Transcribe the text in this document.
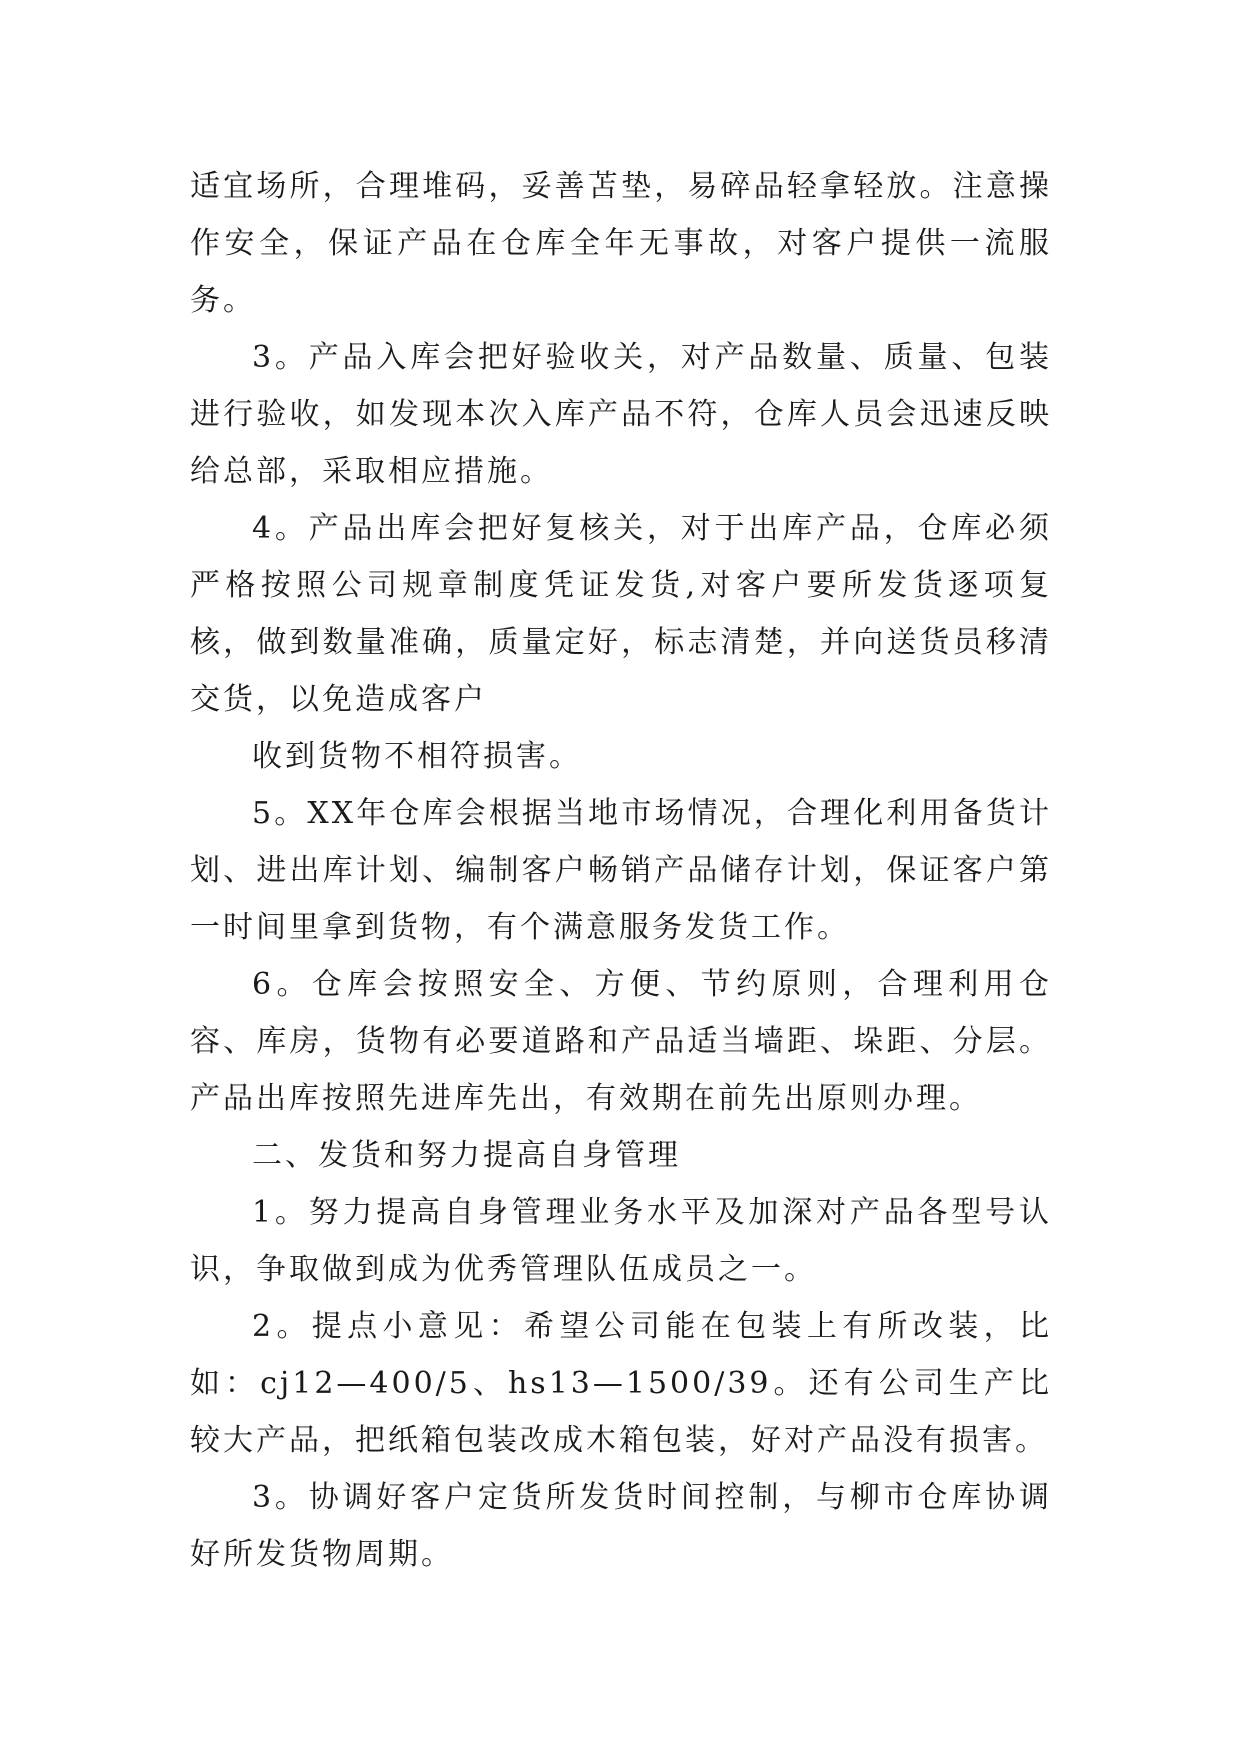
适宜场所，合理堆码，妥善苫垫，易碎品轻拿轻放。注意操作安全，保证产品在仓库全年无事故，对客户提供一流服务。

3。产品入库会把好验收关，对产品数量、质量、包装进行验收，如发现本次入库产品不符，仓库人员会迅速反映给总部，采取相应措施。

4。产品出库会把好复核关，对于出库产品，仓库必须严格按照公司规章制度凭证发货,对客户要所发货逐项复核，做到数量准确，质量定好，标志清楚，并向送货员移清交货，以免造成客户

收到货物不相符损害。

5。XX年仓库会根据当地市场情况，合理化利用备货计划、进出库计划、编制客户畅销产品储存计划，保证客户第一时间里拿到货物，有个满意服务发货工作。

6。仓库会按照安全、方便、节约原则，合理利用仓容、库房，货物有必要道路和产品适当墙距、垛距、分层。产品出库按照先进库先出，有效期在前先出原则办理。

二、发货和努力提高自身管理

1。努力提高自身管理业务水平及加深对产品各型号认识，争取做到成为优秀管理队伍成员之一。

2。提点小意见：希望公司能在包装上有所改装，比如：cj12—400/5、hs13—1500/39。还有公司生产比较大产品，把纸箱包装改成木箱包装，好对产品没有损害。

3。协调好客户定货所发货时间控制，与柳市仓库协调好所发货物周期。
